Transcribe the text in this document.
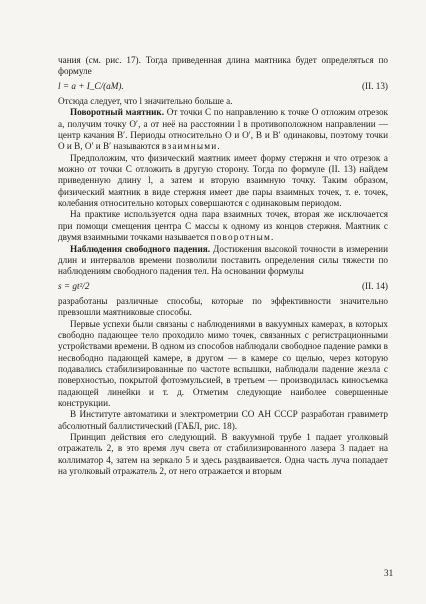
чания (см. рис. 17). Тогда приведенная длина маятника будет определяться по формуле

l = a + I_C/(aM).	(II. 13)

Отсюда следует, что l значительно больше a.

Поворотный маятник. От точки C по направлению к точке O отложим отрезок a, получим точку O′, а от неё на расстоянии l в противоположном направлении — центр качания B′. Периоды относительно O и O′, B и B′ одинаковы, поэтому точки O и B, O′ и B′ называются взаимными.

Предположим, что физический маятник имеет форму стержня и что отрезок a можно от точки C отложить в другую сторону. Тогда по формуле (II. 13) найдем приведенную длину l, а затем и вторую взаимную точку. Таким образом, физический маятник в виде стержня имеет две пары взаимных точек, т. е. точек, колебания относительно которых совершаются с одинаковым периодом.

На практике используется одна пара взаимных точек, вторая же исключается при помощи смещения центра C массы к одному из концов стержня. Маятник с двумя взаимными точками называется поворотным.

Наблюдения свободного падения. Достижения высокой точности в измерении длин и интервалов времени позволили поставить определения силы тяжести по наблюдениям свободного падения тел. На основании формулы

s = gt²/2	(II. 14)

разработаны различные способы, которые по эффективности значительно превзошли маятниковые способы.

Первые успехи были связаны с наблюдениями в вакуумных камерах, в которых свободно падающее тело проходило мимо точек, связанных с регистрационными устройствами времени. В одном из способов наблюдали свободное падение рамки в несвободно падающей камере, в другом — в камере со щелью, через которую подавались стабилизированные по частоте вспышки, наблюдали падение жезла с поверхностью, покрытой фотоэмульсией, в третьем — производилась киносъемка падающей линейки и т. д. Отметим следующие наиболее совершенные конструкции.

В Институте автоматики и электрометрии СО АН СССР разработан гравиметр абсолютный баллистический (ГАБЛ, рис. 18).

Принцип действия его следующий. В вакуумной трубе 1 падает уголковый отражатель 2, в это время луч света от стабилизированного лазера 3 падает на коллиматор 4, затем на зеркало 5 и здесь раздваивается. Одна часть луча попадает на уголковый отражатель 2, от него отражается и вторым

31
